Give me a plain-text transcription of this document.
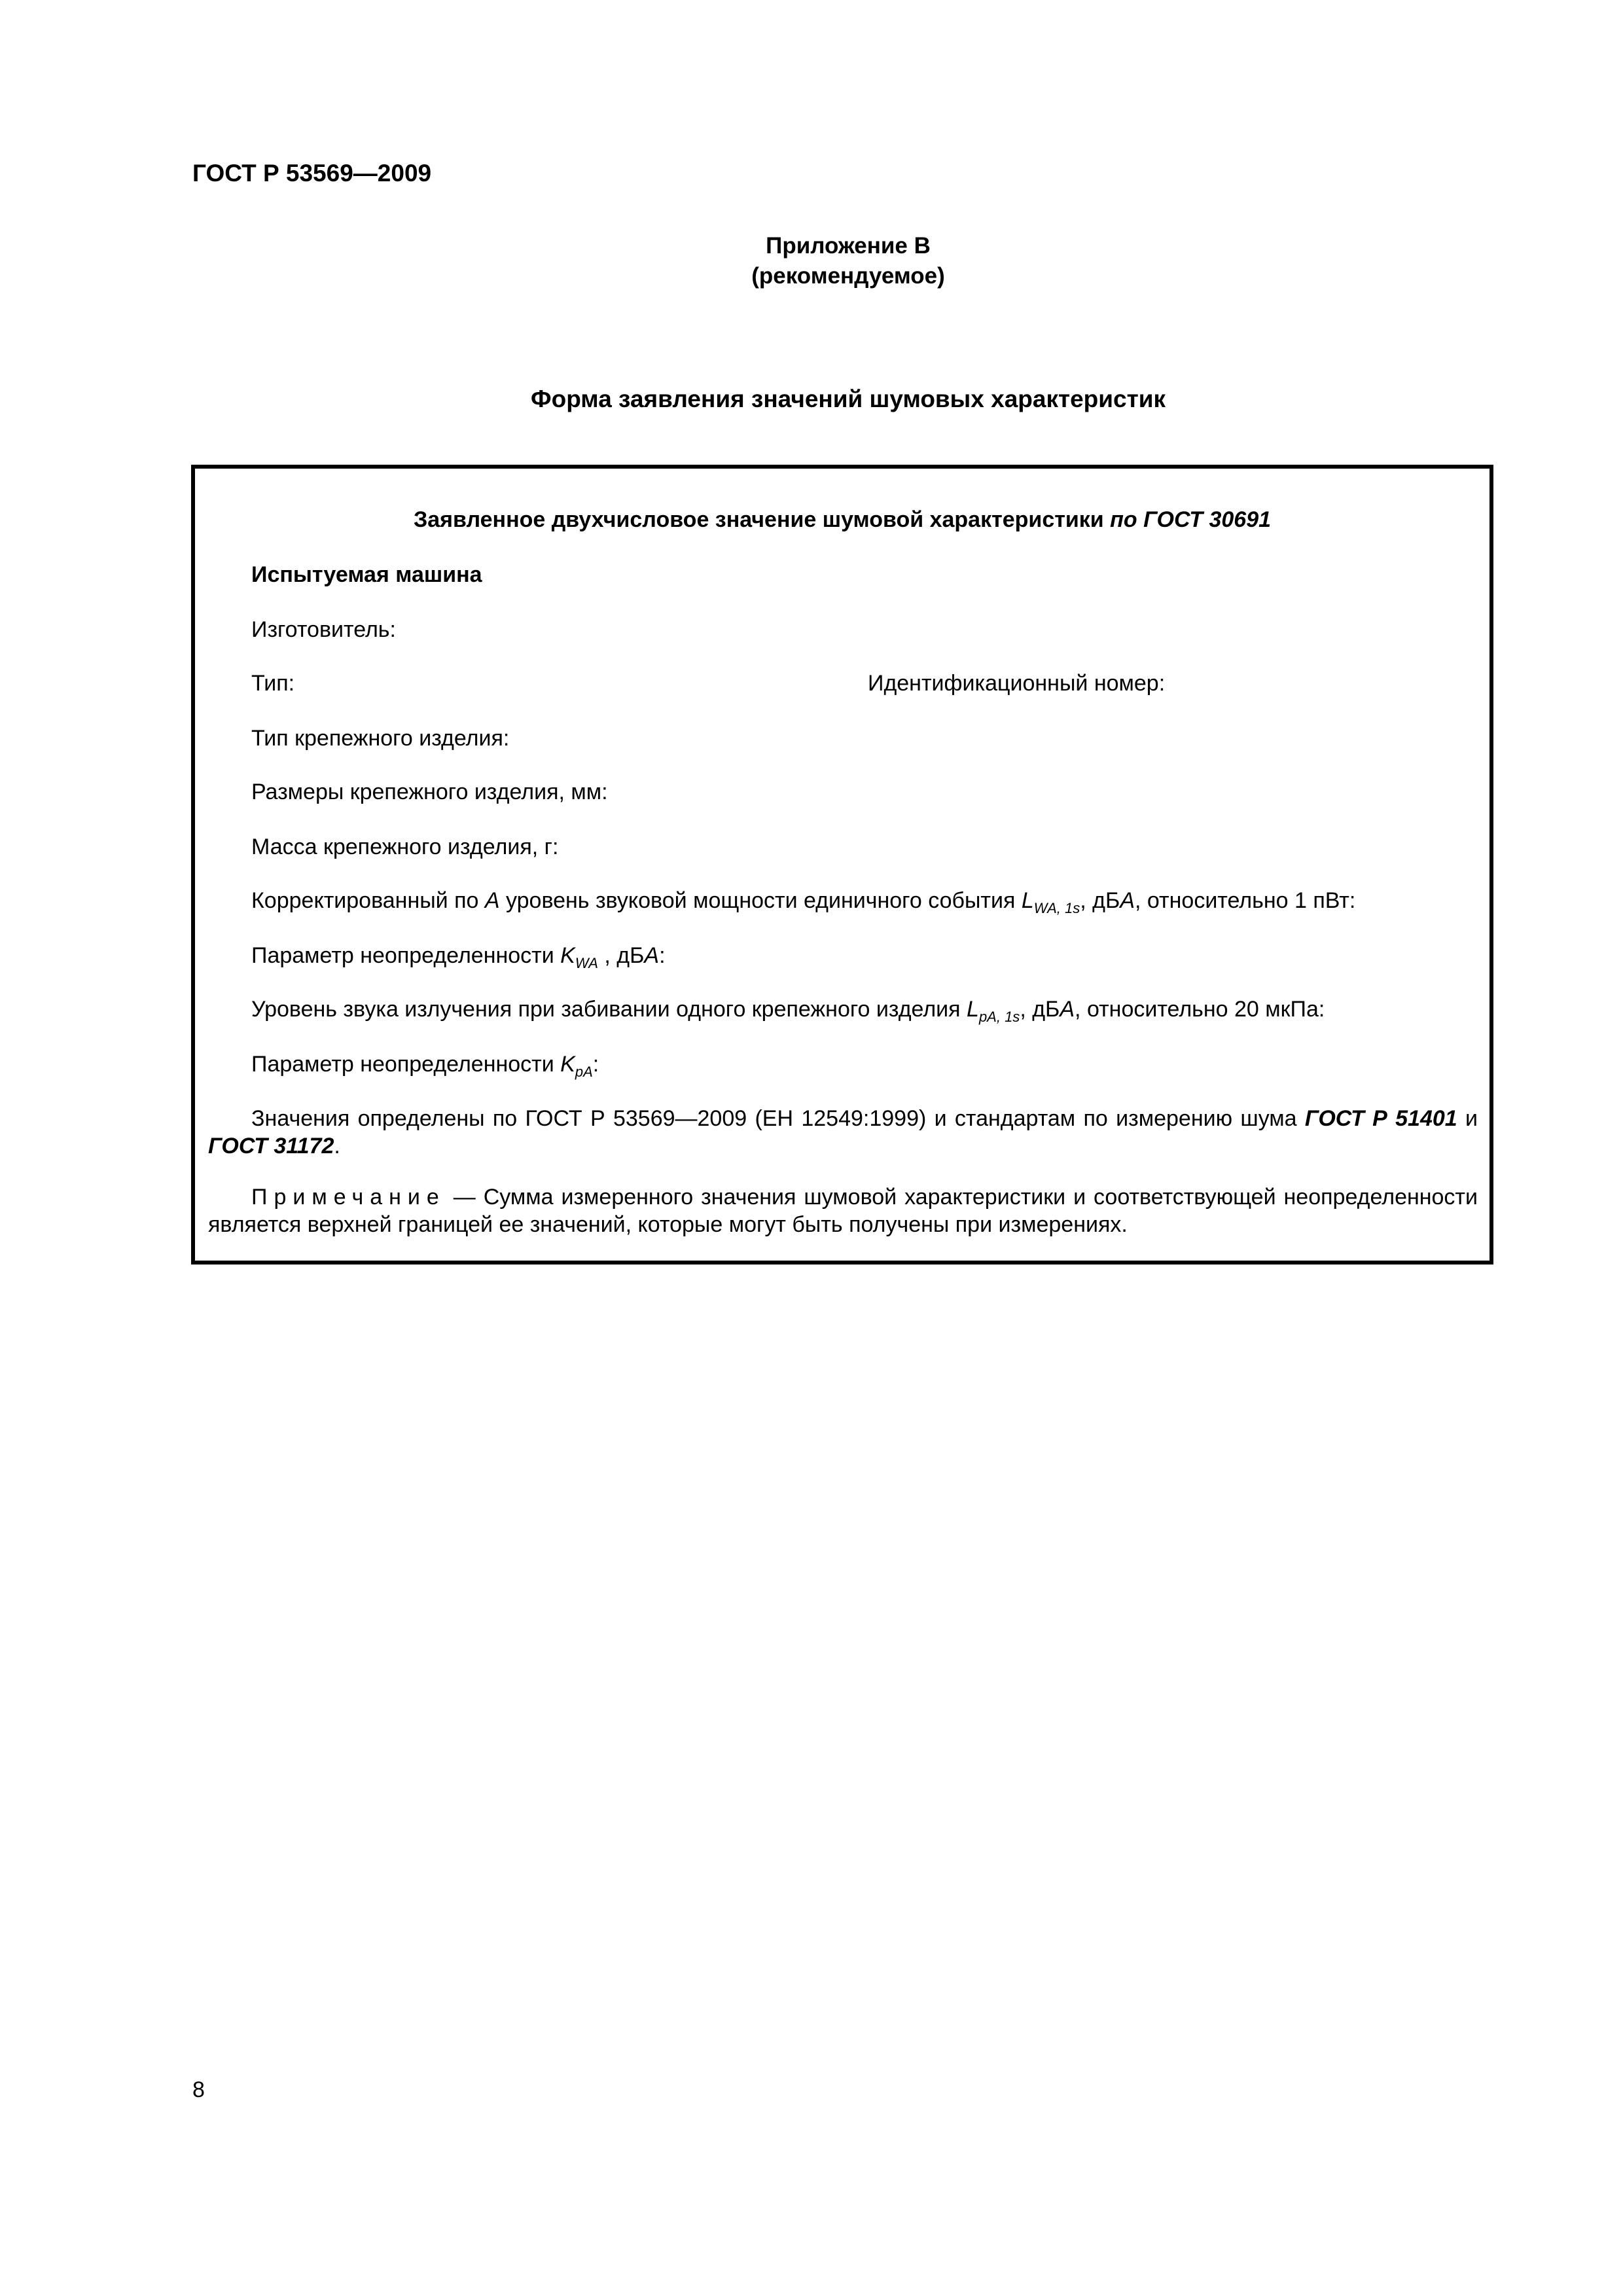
ГОСТ Р 53569—2009
Приложение В
(рекомендуемое)
Форма заявления значений шумовых характеристик
Заявленное двухчисловое значение шумовой характеристики по ГОСТ 30691
Испытуемая машина
Изготовитель:
Тип:	Идентификационный номер:
Тип крепежного изделия:
Размеры крепежного изделия, мм:
Масса крепежного изделия, г:
Корректированный по А уровень звуковой мощности единичного события $L_{WA, 1s}$, дБА, относительно 1 пВт:
Параметр неопределенности $K_{WA}$ , дБА:
Уровень звука излучения при забивании одного крепежного изделия $L_{pA, 1s}$, дБА, относительно 20 мкПа:
Параметр неопределенности $K_{pA}$:
Значения определены по ГОСТ Р 53569—2009 (ЕН 12549:1999) и стандартам по измерению шума ГОСТ Р 51401 и ГОСТ 31172.
Примечание — Сумма измеренного значения шумовой характеристики и соответствующей неопределенности является верхней границей ее значений, которые могут быть получены при измерениях.
8
